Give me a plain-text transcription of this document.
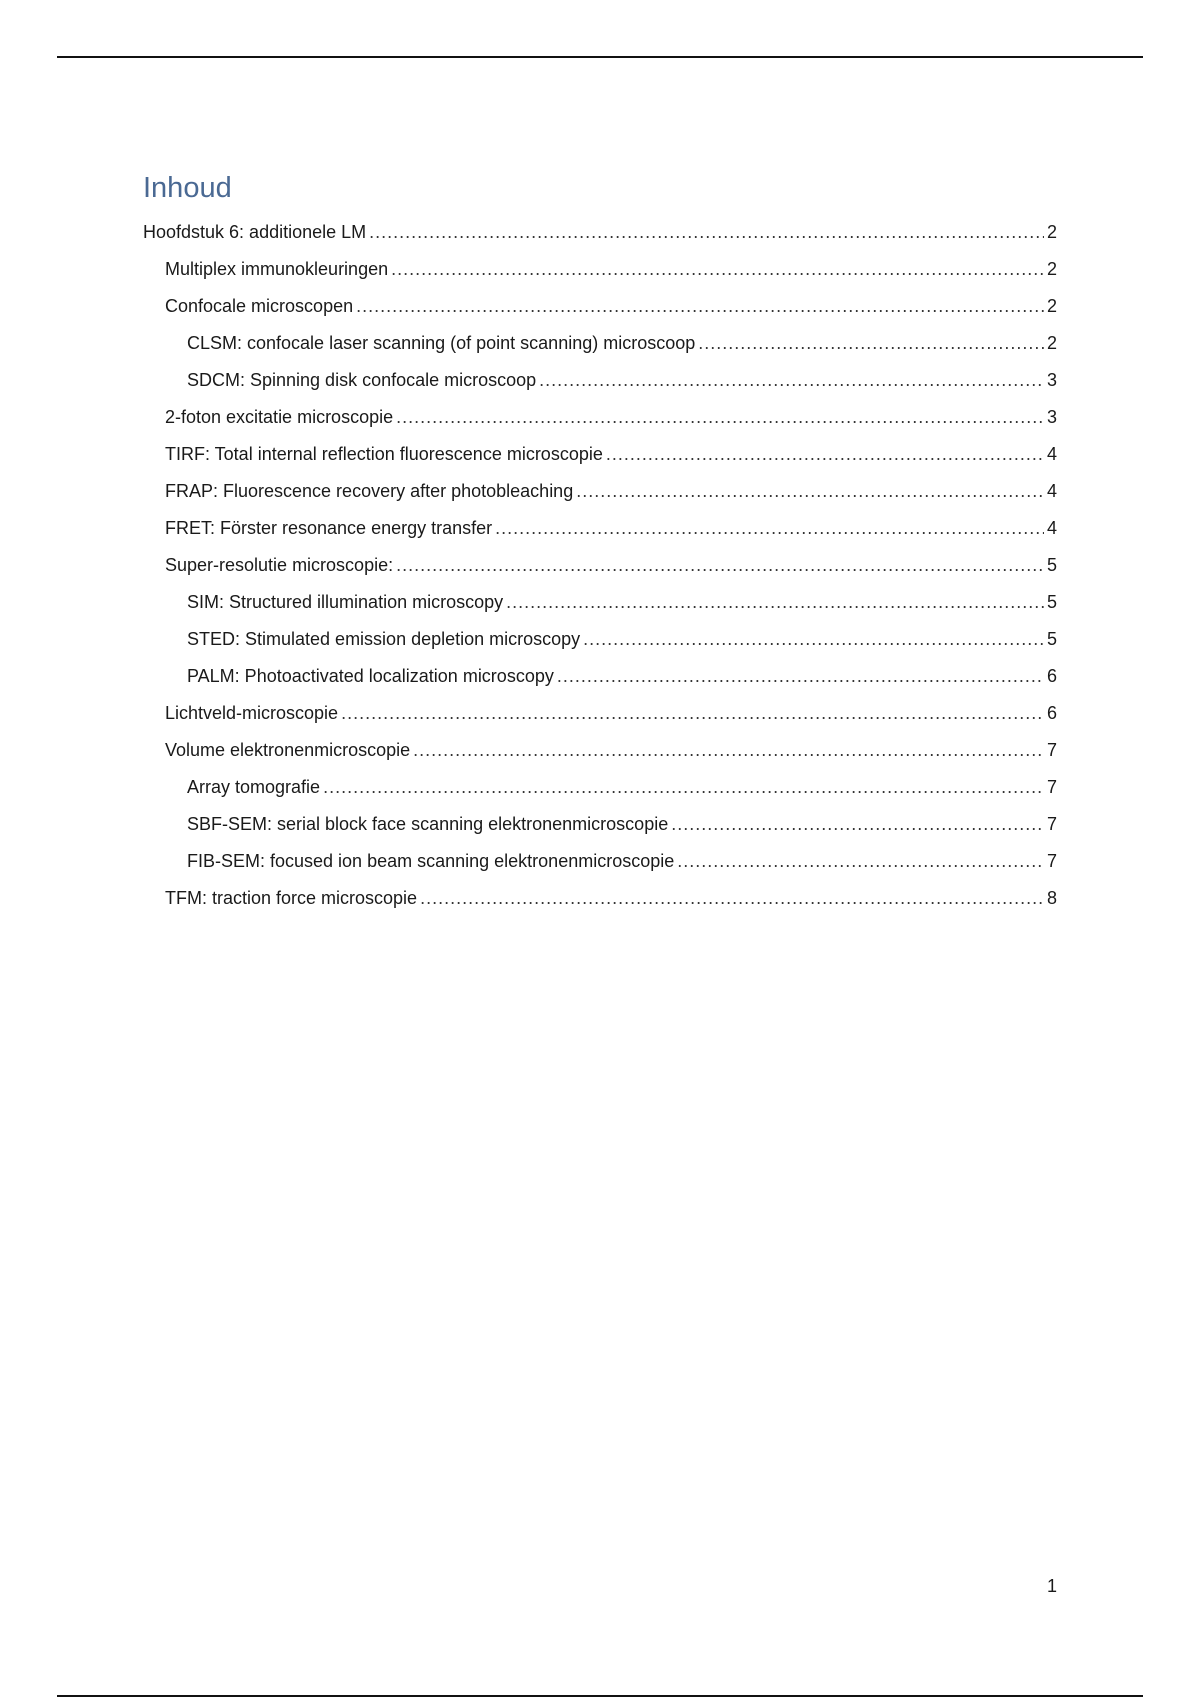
Inhoud
Hoofdstuk 6: additionele LM .....	2
Multiplex immunokleuringen .....	2
Confocale microscopen .....	2
CLSM: confocale laser scanning (of point scanning) microscoop .....	2
SDCM: Spinning disk confocale microscoop .....	3
2-foton excitatie microscopie .....	3
TIRF: Total internal reflection fluorescence microscopie .....	4
FRAP: Fluorescence recovery after photobleaching .....	4
FRET: Förster resonance energy transfer .....	4
Super-resolutie microscopie: .....	5
SIM: Structured illumination microscopy .....	5
STED: Stimulated emission depletion microscopy .....	5
PALM: Photoactivated localization microscopy .....	6
Lichtveld-microscopie .....	6
Volume elektronenmicroscopie .....	7
Array tomografie .....	7
SBF-SEM: serial block face scanning elektronenmicroscopie .....	7
FIB-SEM: focused ion beam scanning elektronenmicroscopie .....	7
TFM: traction force microscopie .....	8
1
